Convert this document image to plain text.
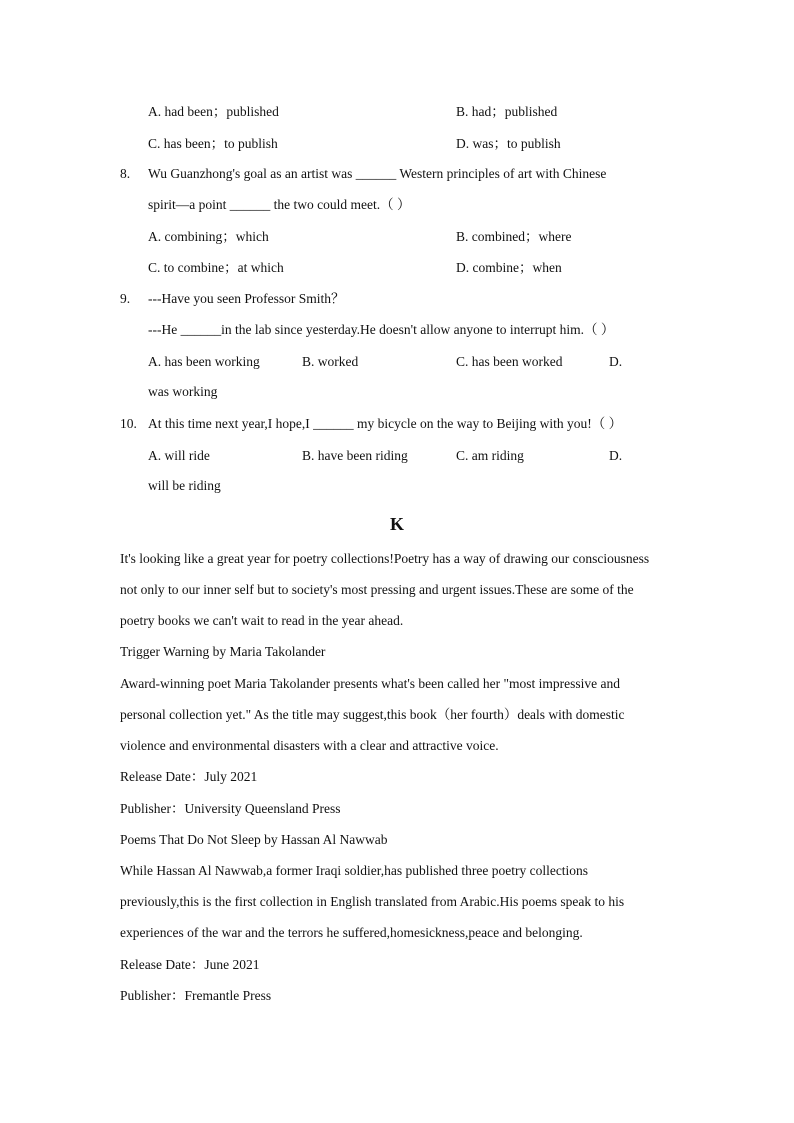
A. had been；published	B. had；published
C. has been；to publish	D. was；to publish
8. Wu Guanzhong's goal as an artist was ______ Western principles of art with Chinese
spirit—a point ______ the two could meet.（ ）
A. combining；which	B. combined；where
C. to combine；at which	D. combine；when
9. ---Have you seen Professor Smith？
---He ______in the lab since yesterday.He doesn't allow anyone to interrupt him.（ ）
A. has been working	B. worked	C. has been worked	D.
was working
10. At this time next year,I hope,I ______ my bicycle on the way to Beijing with you!（ ）
A. will ride	B. have been riding	C. am riding	D.
will be riding
K
It's looking like a great year for poetry collections!Poetry has a way of drawing our consciousness
not only to our inner self but to society's most pressing and urgent issues.These are some of the
poetry books we can't wait to read in the year ahead.
Trigger Warning by Maria Takolander
Award-winning poet Maria Takolander presents what's been called her "most impressive and
personal collection yet." As the title may suggest,this book（her fourth）deals with domestic
violence and environmental disasters with a clear and attractive voice.
Release Date：July 2021
Publisher：University Queensland Press
Poems That Do Not Sleep by Hassan Al Nawwab
While Hassan Al Nawwab,a former Iraqi soldier,has published three poetry collections
previously,this is the first collection in English translated from Arabic.His poems speak to his
experiences of the war and the terrors he suffered,homesickness,peace and belonging.
Release Date：June 2021
Publisher：Fremantle Press
